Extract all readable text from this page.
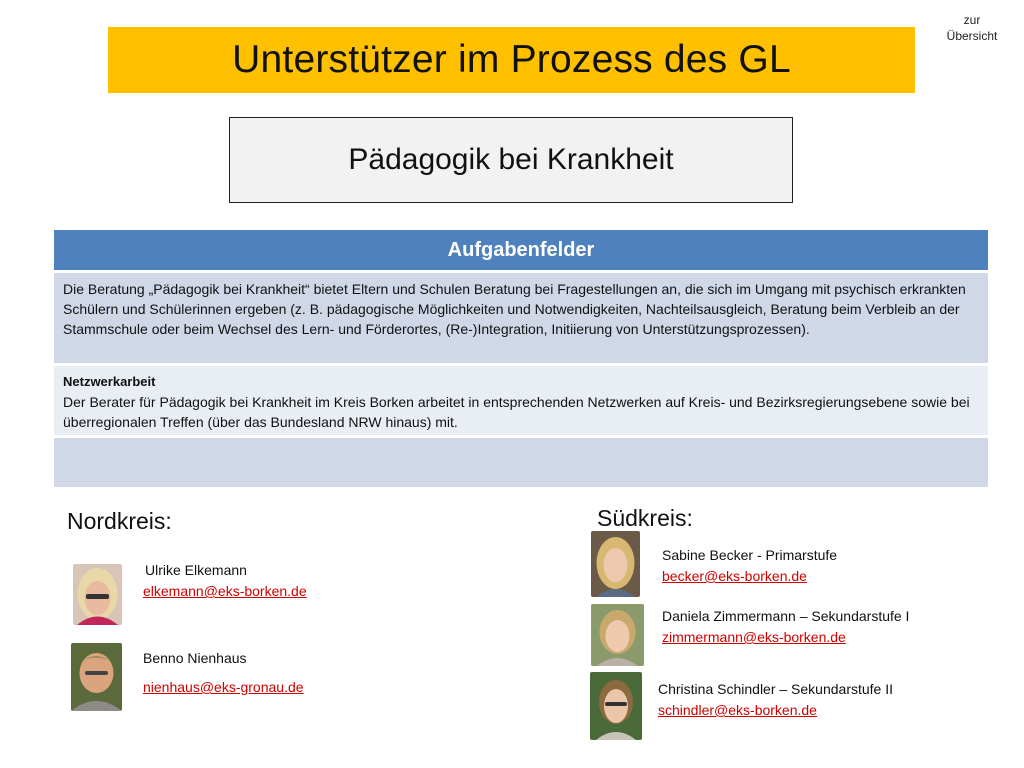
zur
Übersicht
Unterstützer im Prozess des GL
Pädagogik bei Krankheit
Aufgabenfelder
Die Beratung „Pädagogik bei Krankheit“ bietet Eltern und Schulen Beratung bei Fragestellungen an, die sich im Umgang mit psychisch erkrankten Schülern und Schülerinnen ergeben (z. B. pädagogische Möglichkeiten und Notwendigkeiten, Nachteilsausgleich, Beratung beim Verbleib an der Stammschule oder beim Wechsel des Lern- und Förderortes, (Re-)Integration, Initiierung von Unterstützungsprozessen).
Netzwerkarbeit
Der Berater für Pädagogik bei Krankheit im Kreis Borken arbeitet in entsprechenden Netzwerken auf Kreis- und Bezirksregierungsebene sowie bei überregionalen Treffen (über das Bundesland NRW hinaus) mit.
Nordkreis:
Ulrike Elkemann
elkemann@eks-borken.de
Benno Nienhaus
nienhaus@eks-gronau.de
Südkreis:
Sabine Becker - Primarstufe
becker@eks-borken.de
Daniela Zimmermann – Sekundarstufe I
zimmermann@eks-borken.de
Christina Schindler – Sekundarstufe II
schindler@eks-borken.de
